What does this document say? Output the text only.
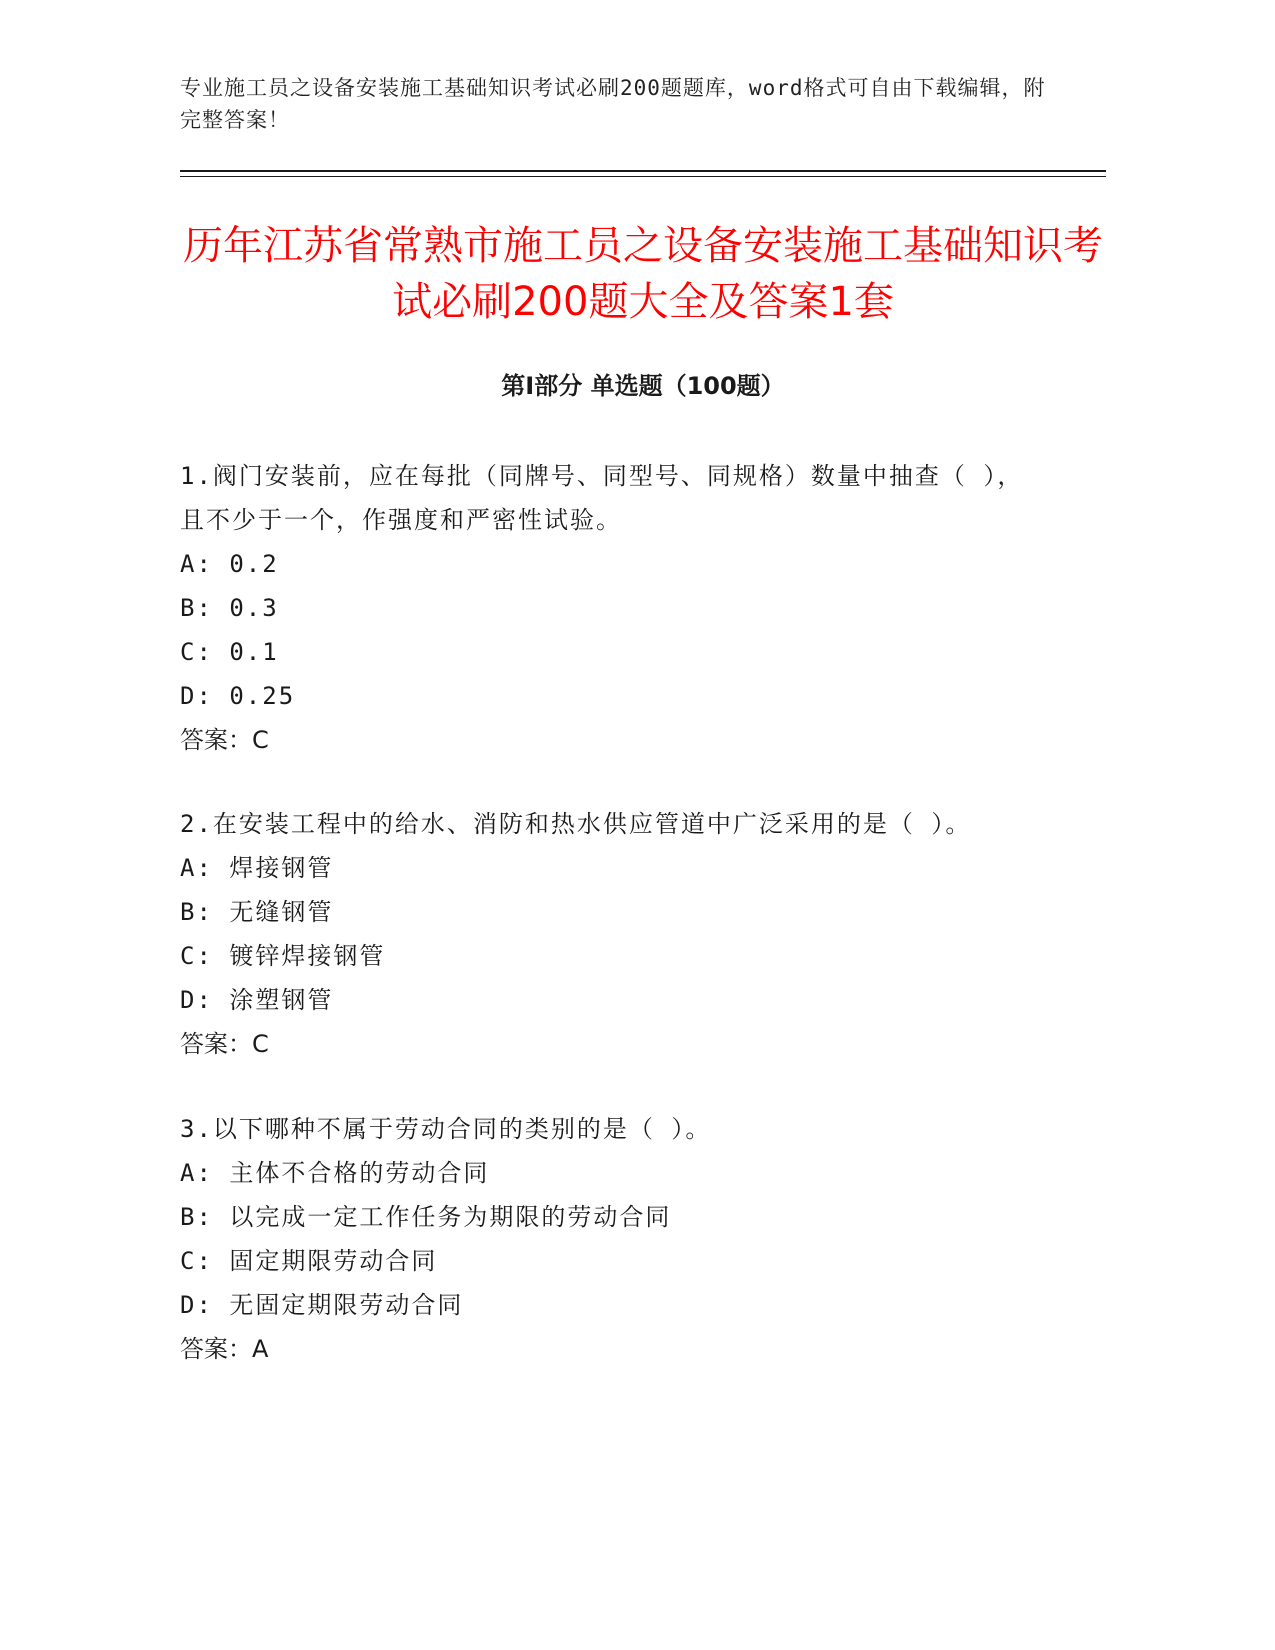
专业施工员之设备安装施工基础知识考试必刷200题题库，word格式可自由下载编辑，附完整答案！
历年江苏省常熟市施工员之设备安装施工基础知识考试必刷200题大全及答案1套
第Ⅰ部分 单选题（100题）

1.阀门安装前，应在每批（同牌号、同型号、同规格）数量中抽查（ ），且不少于一个，作强度和严密性试验。

A: 0.2

B: 0.3

C: 0.1

D: 0.25

答案：C

2.在安装工程中的给水、消防和热水供应管道中广泛采用的是（ ）。

A: 焊接钢管

B: 无缝钢管

C: 镀锌焊接钢管

D: 涂塑钢管

答案：C

3.以下哪种不属于劳动合同的类别的是（ ）。

A: 主体不合格的劳动合同

B: 以完成一定工作任务为期限的劳动合同

C: 固定期限劳动合同

D: 无固定期限劳动合同

答案：A
